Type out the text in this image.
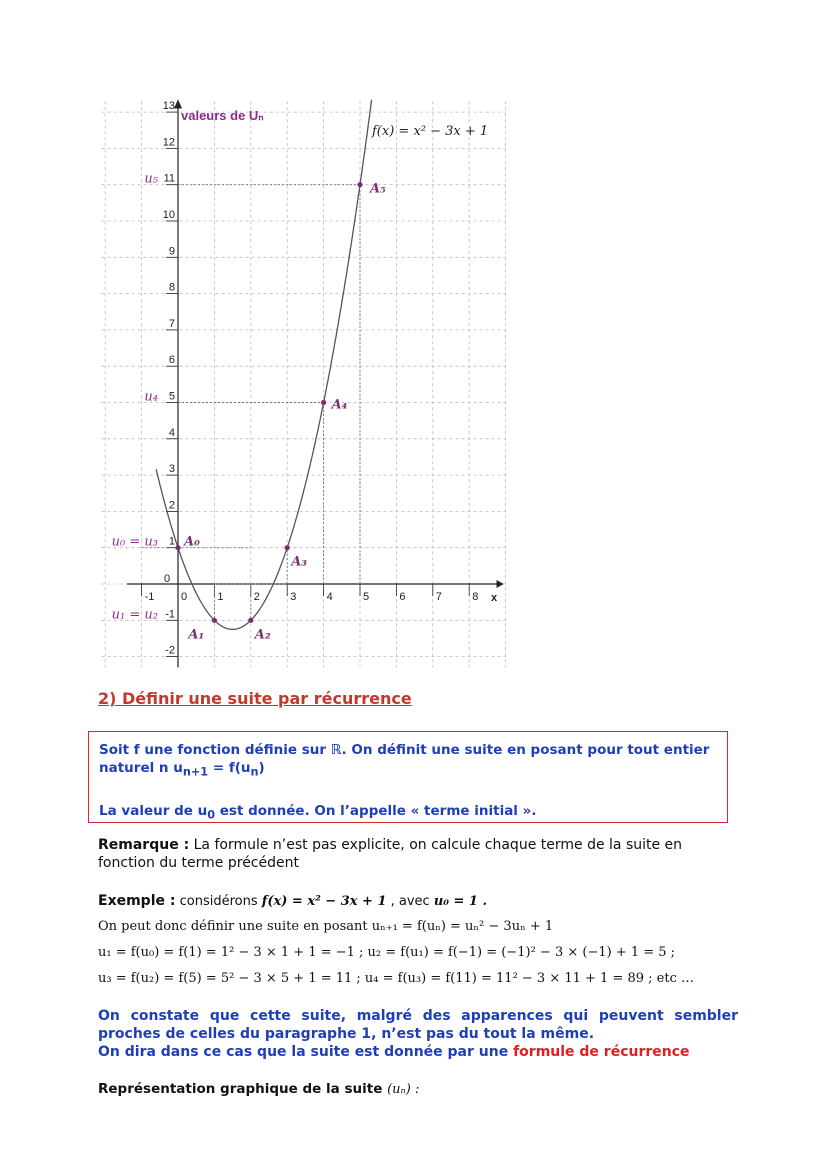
-1 0	1	2	3	4	5	6	7	8 x
-2
-1
0
1
2
3
4
5
6
7
8
9
10
11
12
13
u₅
u₄
u₀ = u₃
u₁ = u₂
A₀
A₁	A₂
A₃
A₄
A₅
valeurs de Uₙ
f(x) = x² − 3x + 1
2) Définir une suite par récurrence

Soit f une fonction définie sur ℝ. On définit une suite en posant pour tout entier naturel n $u_{n+1} = f(u_n)$

La valeur de $u_0$ est donnée. On l’appelle « terme initial ».

Remarque : La formule n’est pas explicite, on calcule chaque terme de la suite en fonction du terme précédent
Exemple : considérons f(x) = x² − 3x + 1 , avec u₀ = 1 .
On peut donc définir une suite en posant uₙ₊₁ = f(uₙ) = uₙ² − 3uₙ + 1
u₁ = f(u₀) = f(1) = 1² − 3 × 1 + 1 = −1 ; u₂ = f(u₁) = f(−1) = (−1)² − 3 × (−1) + 1 = 5 ;
u₃ = f(u₂) = f(5) = 5² − 3 × 5 + 1 = 11 ; u₄ = f(u₃) = f(11) = 11² − 3 × 11 + 1 = 89 ; etc …
On constate que cette suite, malgré des apparences qui peuvent sembler proches de celles du paragraphe 1, n’est pas du tout la même.
On dira dans ce cas que la suite est donnée par une formule de récurrence
Représentation graphique de la suite (uₙ) :
